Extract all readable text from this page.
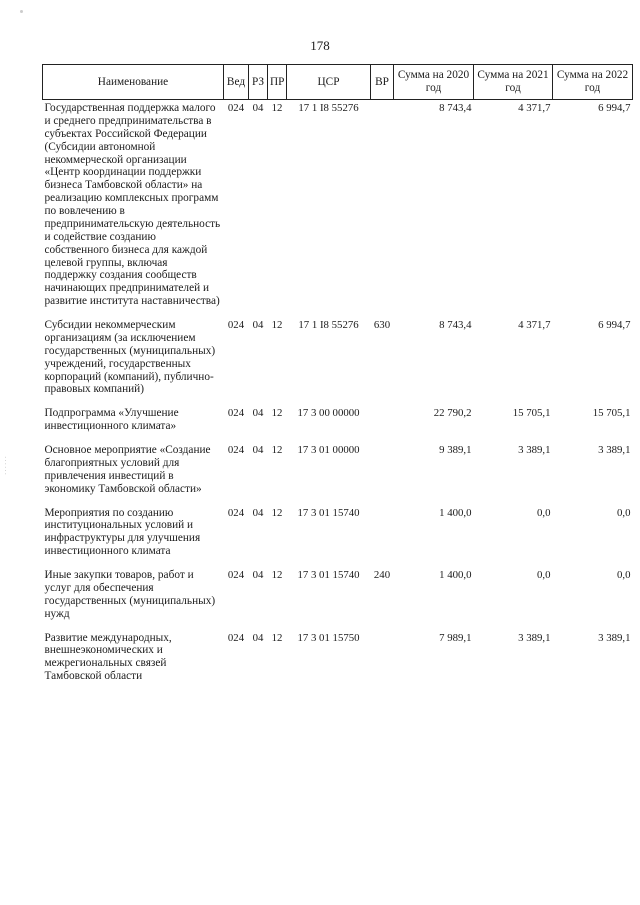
178
······
Наименование	Вед	РЗ	ПР	ЦСР	ВР	Сумма на 2020 год	Сумма на 2021 год	Сумма на 2022 год
Государственная поддержка малого и среднего предпринимательства в субъектах Российской Федерации (Субсидии автономной некоммерческой организации «Центр координации поддержки бизнеса Тамбовской области» на реализацию комплексных программ по вовлечению в предпринимательскую деятельность и содействие созданию собственного бизнеса для каждой целевой группы, включая поддержку создания сообществ начинающих предпринимателей и развитие института наставничества)	024	04	12	17 1 I8 55276		8 743,4	4 371,7	6 994,7
Субсидии некоммерческим организациям (за исключением государственных (муниципальных) учреждений, государственных корпораций (компаний), публично-правовых компаний)	024	04	12	17 1 I8 55276	630	8 743,4	4 371,7	6 994,7
Подпрограмма «Улучшение инвестиционного климата»	024	04	12	17 3 00 00000		22 790,2	15 705,1	15 705,1
Основное мероприятие «Создание благоприятных условий для привлечения инвестиций в экономику Тамбовской области»	024	04	12	17 3 01 00000		9 389,1	3 389,1	3 389,1
Мероприятия по созданию институциональных условий и инфраструктуры для улучшения инвестиционного климата	024	04	12	17 3 01 15740		1 400,0	0,0	0,0
Иные закупки товаров, работ и услуг для обеспечения государственных (муниципальных) нужд	024	04	12	17 3 01 15740	240	1 400,0	0,0	0,0
Развитие международных, внешнеэкономических и межрегиональных связей Тамбовской области	024	04	12	17 3 01 15750		7 989,1	3 389,1	3 389,1
